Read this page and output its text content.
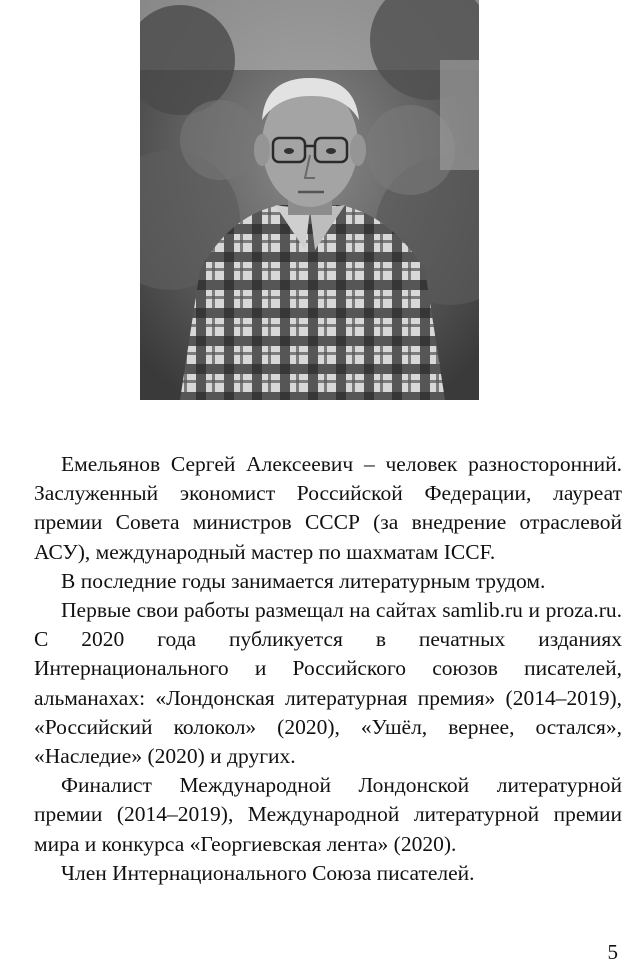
Емельянов Сергей Алексеевич – человек разносторонний. Заслуженный экономист Российской Федерации, лауреат премии Совета министров СССР (за внедрение отраслевой АСУ), международный мастер по шахматам ICCF.

В последние годы занимается литературным трудом.

Первые свои работы размещал на сайтах samlib.ru и proza.ru. С 2020 года публикуется в печатных изданиях Интернационального и Российского союзов писателей, альманахах: «Лондонская литературная премия» (2014–2019), «Российский колокол» (2020), «Ушёл, вернее, остался», «Наследие» (2020) и других.

Финалист Международной Лондонской литературной премии (2014–2019), Международной литературной премии мира и конкурса «Георгиевская лента» (2020).

Член Интернационального Союза писателей.

5
